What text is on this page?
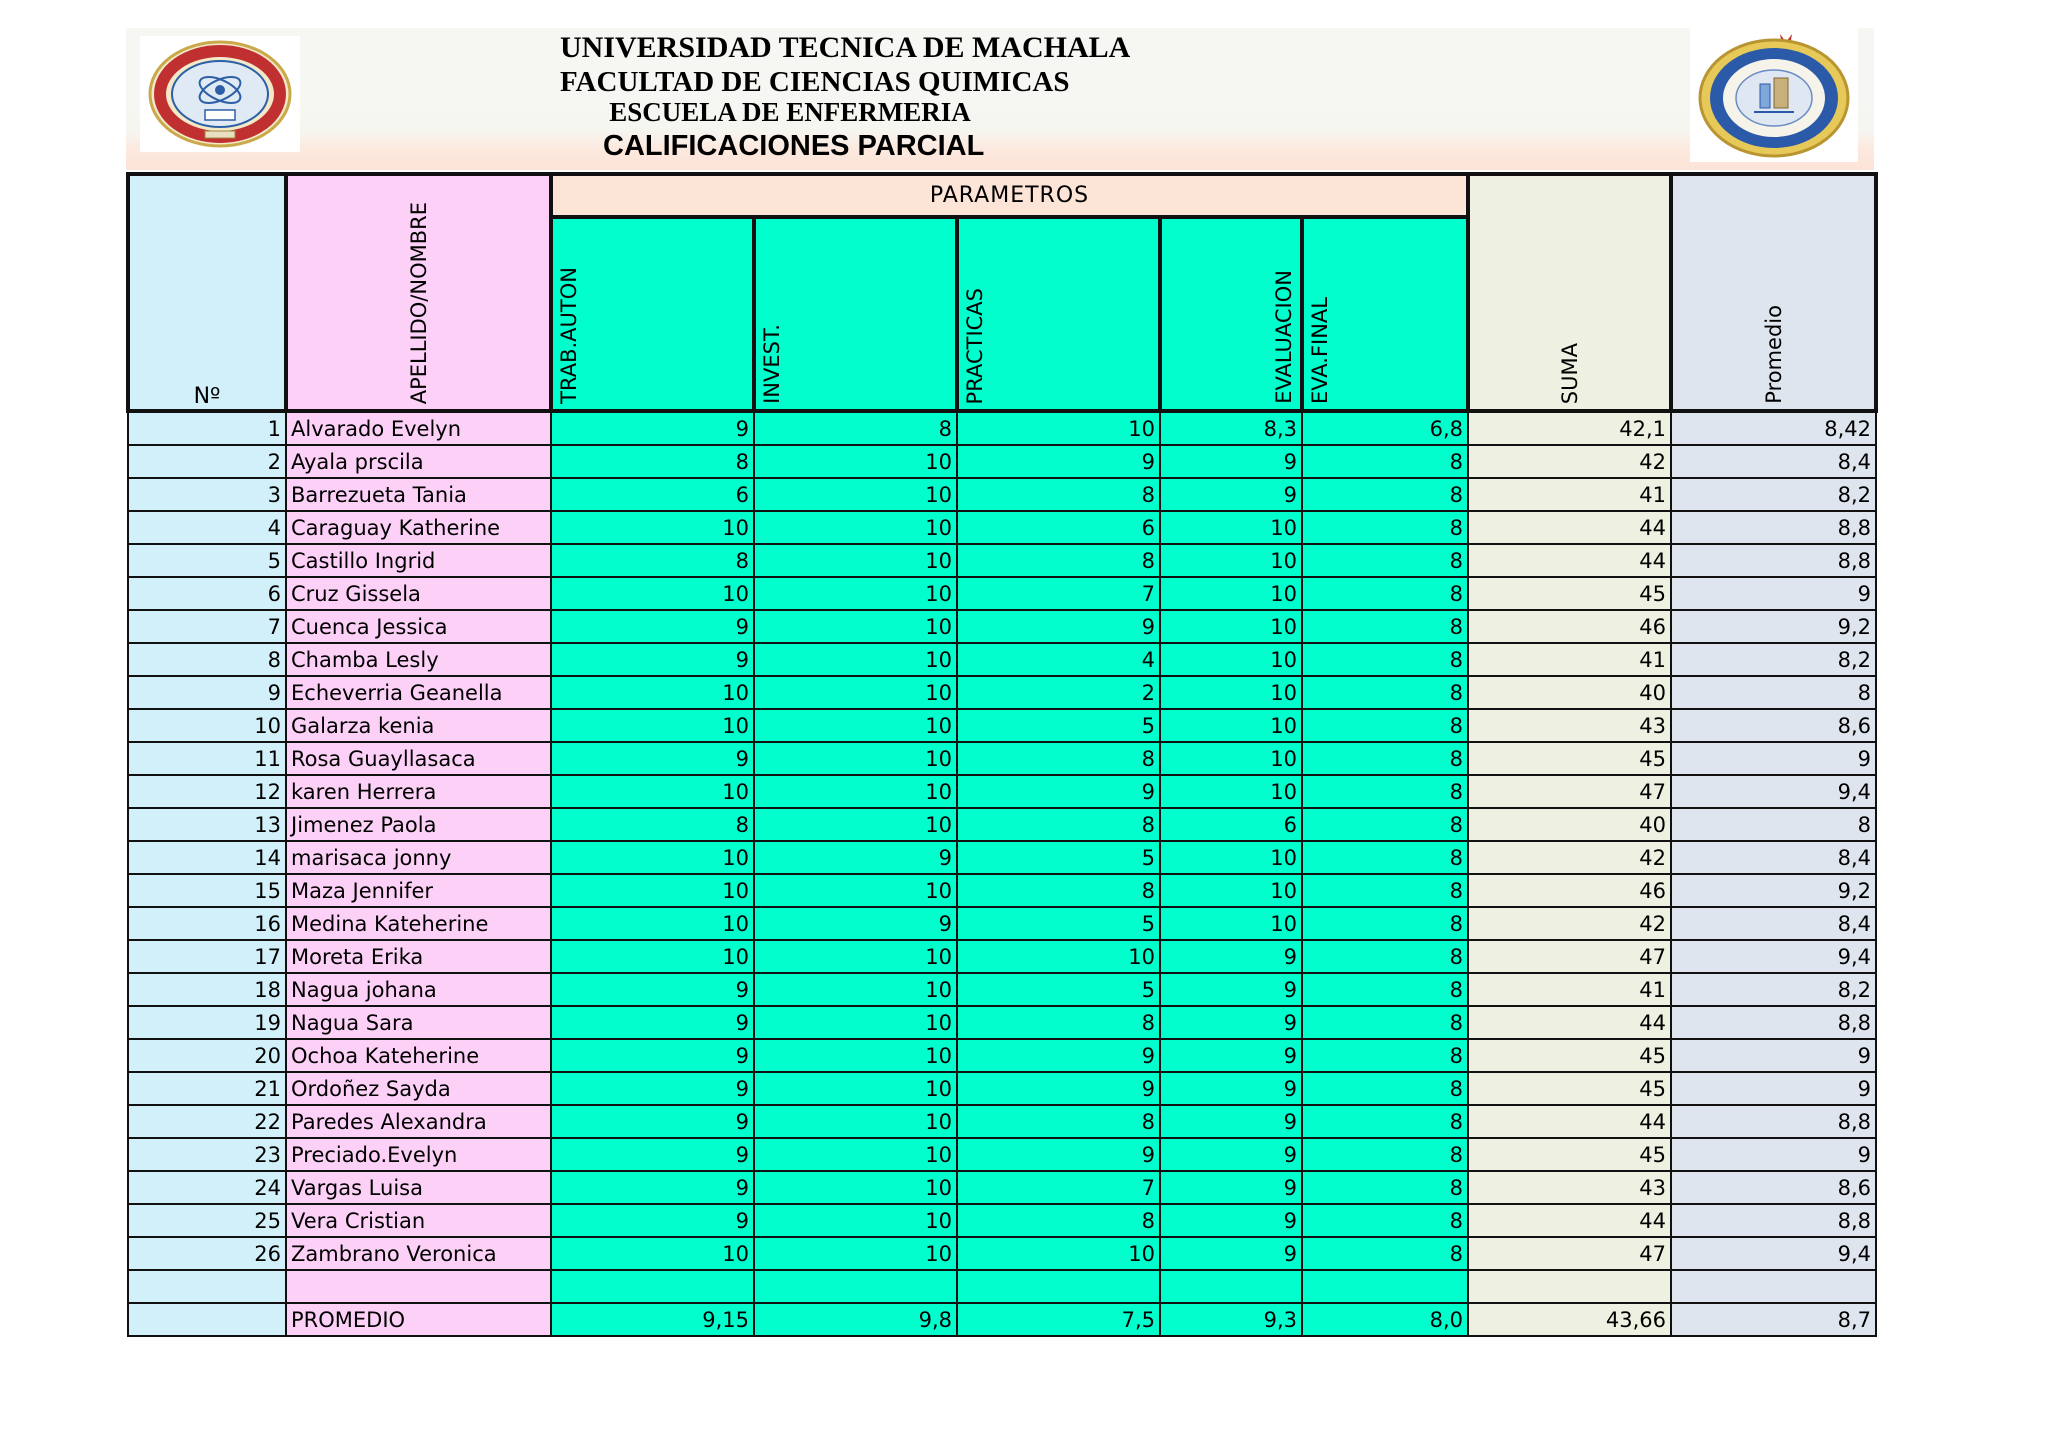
UNIVERSIDAD TECNICA DE MACHALA
FACULTAD DE CIENCIAS QUIMICAS
ESCUELA DE ENFERMERIA
CALIFICACIONES PARCIAL
Nº	APELLIDO/NOMBRE	PARAMETROS					SUMA	Promedio
		TRAB.AUTON	INVEST.	PRACTICAS	EVALUACION	EVA.FINAL		
1	Alvarado Evelyn	9	8	10	8,3	6,8	42,1	8,42
2	Ayala prscila	8	10	9	9	8	42	8,4
3	Barrezueta Tania	6	10	8	9	8	41	8,2
4	Caraguay Katherine	10	10	6	10	8	44	8,8
5	Castillo Ingrid	8	10	8	10	8	44	8,8
6	Cruz Gissela	10	10	7	10	8	45	9
7	Cuenca Jessica	9	10	9	10	8	46	9,2
8	Chamba Lesly	9	10	4	10	8	41	8,2
9	Echeverria Geanella	10	10	2	10	8	40	8
10	Galarza kenia	10	10	5	10	8	43	8,6
11	Rosa Guayllasaca	9	10	8	10	8	45	9
12	karen Herrera	10	10	9	10	8	47	9,4
13	Jimenez Paola	8	10	8	6	8	40	8
14	marisaca jonny	10	9	5	10	8	42	8,4
15	Maza Jennifer	10	10	8	10	8	46	9,2
16	Medina Kateherine	10	9	5	10	8	42	8,4
17	Moreta Erika	10	10	10	9	8	47	9,4
18	Nagua johana	9	10	5	9	8	41	8,2
19	Nagua Sara	9	10	8	9	8	44	8,8
20	Ochoa Kateherine	9	10	9	9	8	45	9
21	Ordoñez Sayda	9	10	9	9	8	45	9
22	Paredes Alexandra	9	10	8	9	8	44	8,8
23	Preciado.Evelyn	9	10	9	9	8	45	9
24	Vargas Luisa	9	10	7	9	8	43	8,6
25	Vera Cristian	9	10	8	9	8	44	8,8
26	Zambrano Veronica	10	10	10	9	8	47	9,4

	PROMEDIO	9,15	9,8	7,5	9,3	8,0	43,66	8,7
